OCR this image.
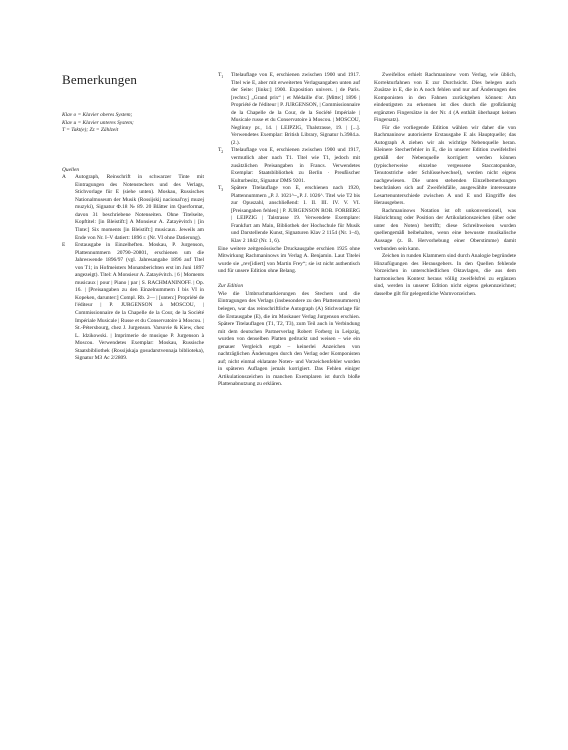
Bemerkungen
Klav o = Klavier oberes System;
Klav u = Klavier unteres System;
T = Takt(e); Zz = Zählzeit
Quellen
A	Autograph, Reinschrift in schwarzer Tinte mit Eintragungen des Notenstechers und des Verlags, Stichvorlage für E (siehe unten). Moskau, Russisches Nationalmuseum der Musik (Rossijskij nacional'nyj muzej muzyki), Signatur Ф.18 № 89. 20 Blätter im Querformat, davon 31 beschriebene Notenseiten. Ohne Titelseite, Kopftitel: [in Bleistift:] A Monsieur A. Zatayèvitch | [in Tinte:] Six moments [in Bleistift:] musicaux. Jeweils am Ende von Nr. I–V datiert: 1896 г. (Nr. VI ohne Datierung).
E	Erstausgabe in Einzelheften. Moskau, P. Jurgenson, Plattennummern 20790–20801, erschienen um die Jahreswende 1896/97 (vgl. Jahresangabe 1896 auf Titel von T1; in Hofmeisters Monatsberichten erst im Juni 1897 angezeigt). Titel: A Monsieur A. Zatayévitch. | 6 | Moments musicaux | pour | Piano | par | S. RACHMANINOFF. | Op. 16. | [Preisangaben zu den Einzelnummern I bis VI in Kopeken, darunter:] Compl. Rb. 2— | [unten:] Propriété de l'éditeur | P. JURGENSON à MOSCOU, | Commissionnaire de la Chapelle de la Cour, de la Société Impériale Musicale | Russe et du Conservatoire à Moscou. | St.-Pétersbourg, chez J. Jurgenson. Varsovie & Kiew, chez L. Idzikowski. | Imprimerie de musique P. Jurgenson à Moscou. Verwendetes Exemplar: Moskau, Russische Staatsbibliothek (Rossijskaja gosudarstvennaja biblioteka), Signatur МЗ Ас 2/2809.
$T_1$	Titelauflage von E, erschienen zwischen 1900 und 1917. Titel wie E, aber mit erweiterten Verlagsangaben unten auf der Seite: [links:] 1900. Exposition univers. | de Paris. [rechts:] „Grand prix“ | et Médaille d'or. [Mitte:] 1896 | Propriété de l'éditeur | P. JURGENSON, | Commissionnaire de la Chapelle de la Cour, de la Société Impériale | Musicale russe et du Conservatoire à Moscou. | MOSCOU, Neglinny pr., 14. | LEIPZIG, Thalstrasse, 19. | [...]. Verwendetes Exemplar: British Library, Signatur h.3984.a.(2.).
$T_2$	Titelauflage von E, erschienen zwischen 1900 und 1917, vermutlich aber nach T1. Titel wie T1, jedoch mit zusätzlichen Preisangaben in Francs. Verwendetes Exemplar: Staatsbibliothek zu Berlin · Preußischer Kulturbesitz, Signatur DMS 9201.
$T_3$	Spätere Titelauflage von E, erschienen nach 1920, Plattennummern „P. J. 1021^~„P. J. 1026^. Titel wie T2 bis zur Opuszahl, anschließend: I. II. III. IV. V. VI. [Preisangaben fehlen] | P. JURGENSON ROB. FORBERG | LEIPZIG | Talstrasse 19. Verwendete Exemplare: Frankfurt am Main, Bibliothek der Hochschule für Musik und Darstellende Kunst, Signaturen Klav 2 1154 (Nr. 1–4), Klav 2 1842 (Nr. 1, 6).

Eine weitere zeitgenössische Druckausgabe erschien 1925 ohne Mitwirkung Rachmaninows im Verlag A. Benjamin. Laut Titelei wurde sie „rev[idiert] von Martin Frey“; sie ist nicht authentisch und für unsere Edition ohne Belang.

Zur Edition

Wie die Umbruchmarkierungen des Stechers und die Eintragungen des Verlags (insbesondere zu den Plattennummern) belegen, war das reinschriftliche Autograph (A) Stichvorlage für die Erstausgabe (E), die im Moskauer Verlag Jurgenson erschien. Spätere Titelauflagen (T1, T2, T3), zum Teil auch in Verbindung mit dem deutschen Partnerverlag Robert Forberg in Leipzig, wurden von denselben Platten gedruckt und weisen – wie ein genauer Vergleich ergab – keinerlei Anzeichen von nachträglichen Änderungen durch den Verlag oder Komponisten auf; nicht einmal eklatante Noten- und Vorzeichenfehler wurden in späteren Auflagen jemals korrigiert. Das Fehlen einiger Artikulationszeichen in manchen Exemplaren ist durch bloße Plattenabnutzung zu erklären.

Zweifellos erhielt Rachmaninow vom Verlag, wie üblich, Korrekturfahnen von E zur Durchsicht. Dies belegen auch Zusätze in E, die in A noch fehlen und nur auf Änderungen des Komponisten in den Fahnen zurückgehen können: Am eindeutigsten zu erkennen ist dies durch die großräumig ergänzten Fingersätze in der Nr. 4 (A enthält überhaupt keinen Fingersatz).

Für die vorliegende Edition wählen wir daher die von Rachmaninow autorisierte Erstausgabe E als Hauptquelle; das Autograph A ziehen wir als wichtige Nebenquelle heran. Kleinere Stecherfehler in E, die in unserer Edition zweifelsfrei gemäß der Nebenquelle korrigiert werden können (typischerweise einzelne vergessene Staccatopunkte, Tenutostriche oder Schlüsselwechsel), werden nicht eigens nachgewiesen. Die unten stehenden Einzelbemerkungen beschränken sich auf Zweifelsfälle, ausgewählte interessante Lesartenunterschiede zwischen A und E und Eingriffe des Herausgebers.

Rachmaninows Notation ist oft unkonventionell, was Halsrichtung oder Position der Artikulationszeichen (über oder unter den Noten) betrifft; diese Schreibweisen wurden quellengemäß beibehalten, wenn eine bewusste musikalische Aussage (z. B. Hervorhebung einer Oberstimme) damit verbunden sein kann.

Zeichen in runden Klammern sind durch Analogie begründete Hinzufügungen des Herausgebers. In den Quellen fehlende Vorzeichen in unterschiedlichen Oktavlagen, die aus dem harmonischen Kontext heraus völlig zweifelsfrei zu ergänzen sind, werden in unserer Edition nicht eigens gekennzeichnet; dasselbe gilt für gelegentliche Warnvorzeichen.
